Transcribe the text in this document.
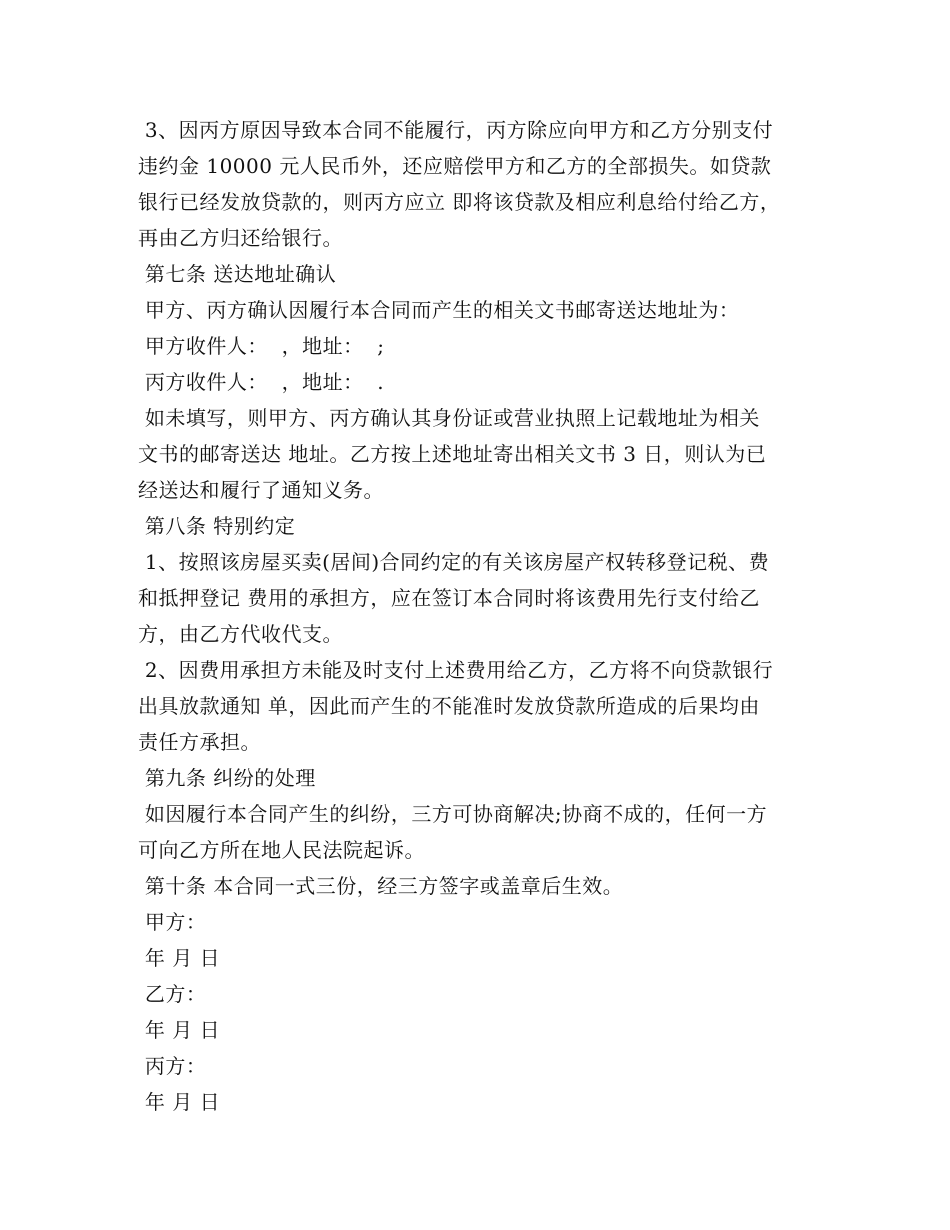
3、因丙方原因导致本合同不能履行，丙方除应向甲方和乙方分别支付
违约金 10000 元人民币外，还应赔偿甲方和乙方的全部损失。如贷款
银行已经发放贷款的，则丙方应立 即将该贷款及相应利息给付给乙方，
再由乙方归还给银行。
第七条 送达地址确认
甲方、丙方确认因履行本合同而产生的相关文书邮寄送达地址为：
甲方收件人：  ，地址：  ;
丙方收件人：  ，地址：  .
如未填写，则甲方、丙方确认其身份证或营业执照上记载地址为相关
文书的邮寄送达 地址。乙方按上述地址寄出相关文书 3 日，则认为已
经送达和履行了通知义务。
第八条 特别约定
1、按照该房屋买卖(居间)合同约定的有关该房屋产权转移登记税、费
和抵押登记 费用的承担方，应在签订本合同时将该费用先行支付给乙
方，由乙方代收代支。
2、因费用承担方未能及时支付上述费用给乙方，乙方将不向贷款银行
出具放款通知 单，因此而产生的不能准时发放贷款所造成的后果均由
责任方承担。
第九条 纠纷的处理
如因履行本合同产生的纠纷，三方可协商解决;协商不成的，任何一方
可向乙方所在地人民法院起诉。
第十条 本合同一式三份，经三方签字或盖章后生效。
甲方：
年 月 日
乙方：
年 月 日
丙方：
年 月 日
